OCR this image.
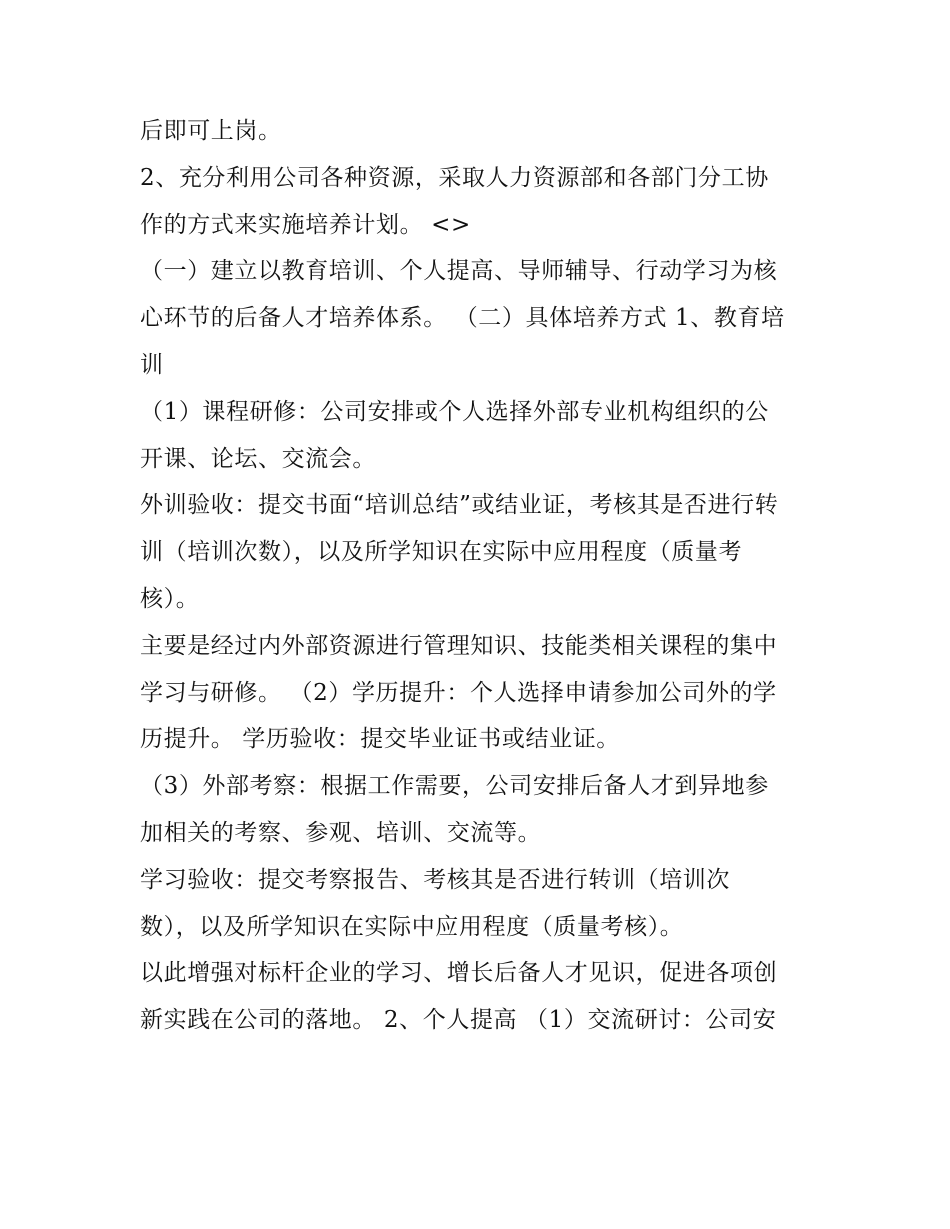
后即可上岗。
2、充分利用公司各种资源，采取人力资源部和各部门分工协
作的方式来实施培养计划。 <>
（一）建立以教育培训、个人提高、导师辅导、行动学习为核
心环节的后备人才培养体系。 （二）具体培养方式 1、教育培
训
（1）课程研修：公司安排或个人选择外部专业机构组织的公
开课、论坛、交流会。
外训验收：提交书面“培训总结”或结业证，考核其是否进行转
训（培训次数），以及所学知识在实际中应用程度（质量考
核）。
主要是经过内外部资源进行管理知识、技能类相关课程的集中
学习与研修。 （2）学历提升：个人选择申请参加公司外的学
历提升。 学历验收：提交毕业证书或结业证。
（3）外部考察：根据工作需要，公司安排后备人才到异地参
加相关的考察、参观、培训、交流等。
学习验收：提交考察报告、考核其是否进行转训（培训次
数），以及所学知识在实际中应用程度（质量考核）。
以此增强对标杆企业的学习、增长后备人才见识，促进各项创
新实践在公司的落地。 2、个人提高 （1）交流研讨：公司安
